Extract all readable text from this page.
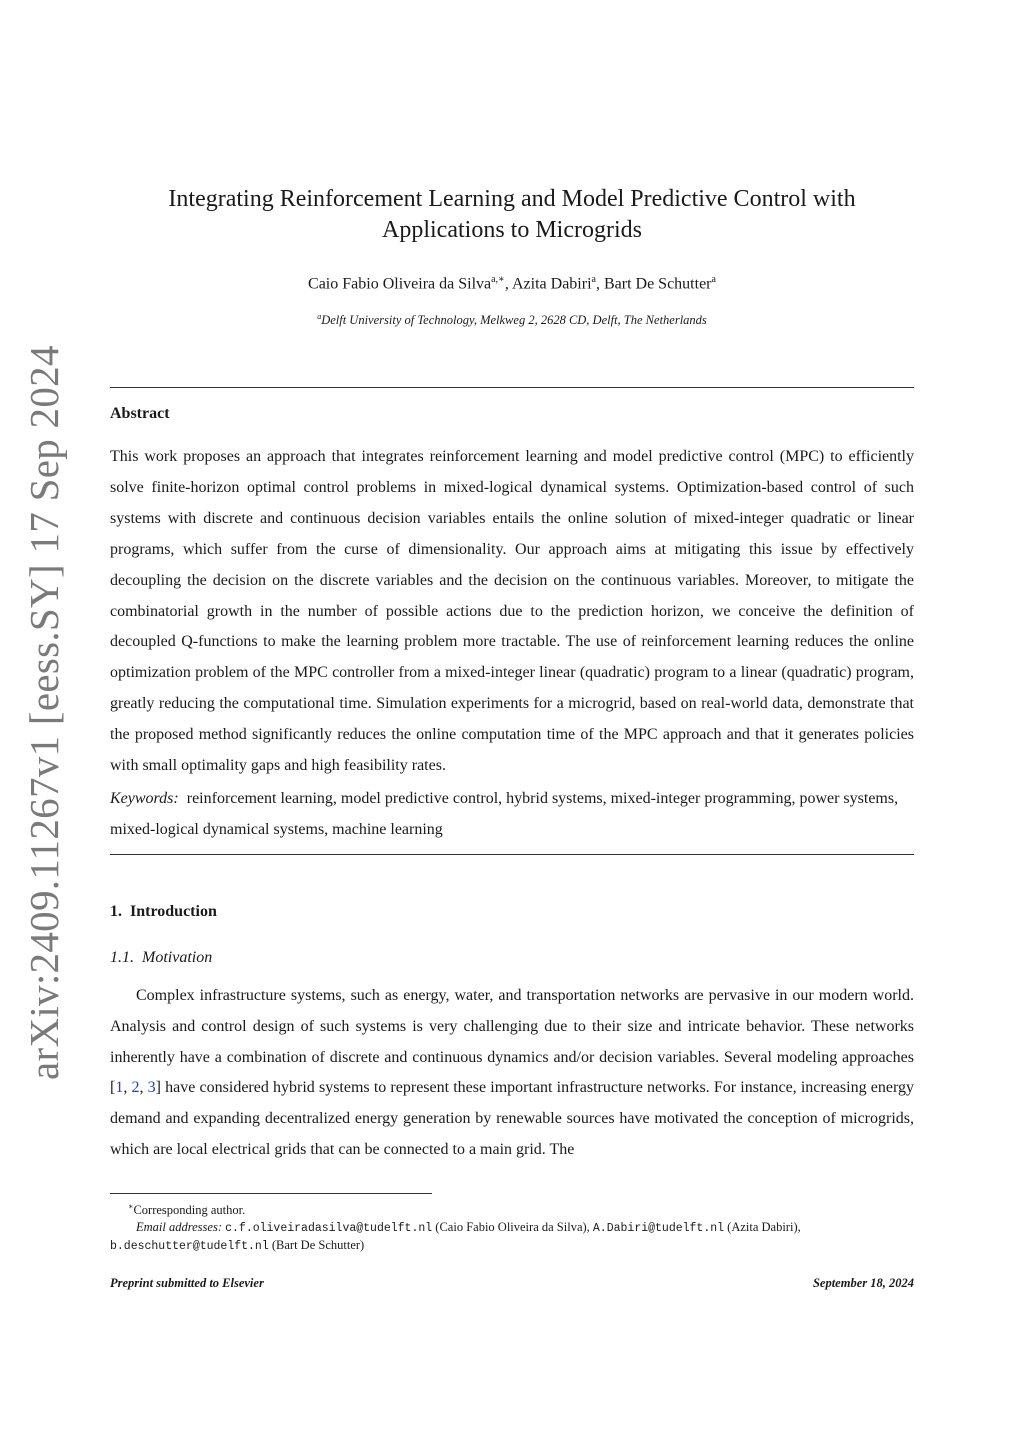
arXiv:2409.11267v1 [eess.SY] 17 Sep 2024
Integrating Reinforcement Learning and Model Predictive Control with Applications to Microgrids
Caio Fabio Oliveira da Silva$^{a,∗}$, Azita Dabiri$^a$, Bart De Schutter$^a$
$^a$Delft University of Technology, Melkweg 2, 2628 CD, Delft, The Netherlands
Abstract

This work proposes an approach that integrates reinforcement learning and model predictive control (MPC) to efficiently solve finite-horizon optimal control problems in mixed-logical dynamical systems. Optimization-based control of such systems with discrete and continuous decision variables entails the online solution of mixed-integer quadratic or linear programs, which suffer from the curse of dimensionality. Our approach aims at mitigating this issue by effectively decoupling the decision on the discrete variables and the decision on the continuous variables. Moreover, to mitigate the combinatorial growth in the number of possible actions due to the prediction horizon, we conceive the definition of decoupled Q-functions to make the learning problem more tractable. The use of reinforcement learning reduces the online optimization problem of the MPC controller from a mixed-integer linear (quadratic) program to a linear (quadratic) program, greatly reducing the computational time. Simulation experiments for a microgrid, based on real-world data, demonstrate that the proposed method significantly reduces the online computation time of the MPC approach and that it generates policies with small optimality gaps and high feasibility rates.

Keywords: reinforcement learning, model predictive control, hybrid systems, mixed-integer programming, power systems, mixed-logical dynamical systems, machine learning

1.  Introduction
1.1.  Motivation

Complex infrastructure systems, such as energy, water, and transportation networks are pervasive in our modern world. Analysis and control design of such systems is very challenging due to their size and intricate behavior. These networks inherently have a combination of discrete and continuous dynamics and/or decision variables. Several modeling approaches [1, 2, 3] have considered hybrid systems to represent these important infrastructure networks. For instance, increasing energy demand and expanding decentralized energy generation by renewable sources have motivated the conception of microgrids, which are local electrical grids that can be connected to a main grid. The

∗Corresponding author.
Email addresses: c.f.oliveiradasilva@tudelft.nl (Caio Fabio Oliveira da Silva), A.Dabiri@tudelft.nl (Azita Dabiri),
b.deschutter@tudelft.nl (Bart De Schutter)
Preprint submitted to Elsevier	September 18, 2024
